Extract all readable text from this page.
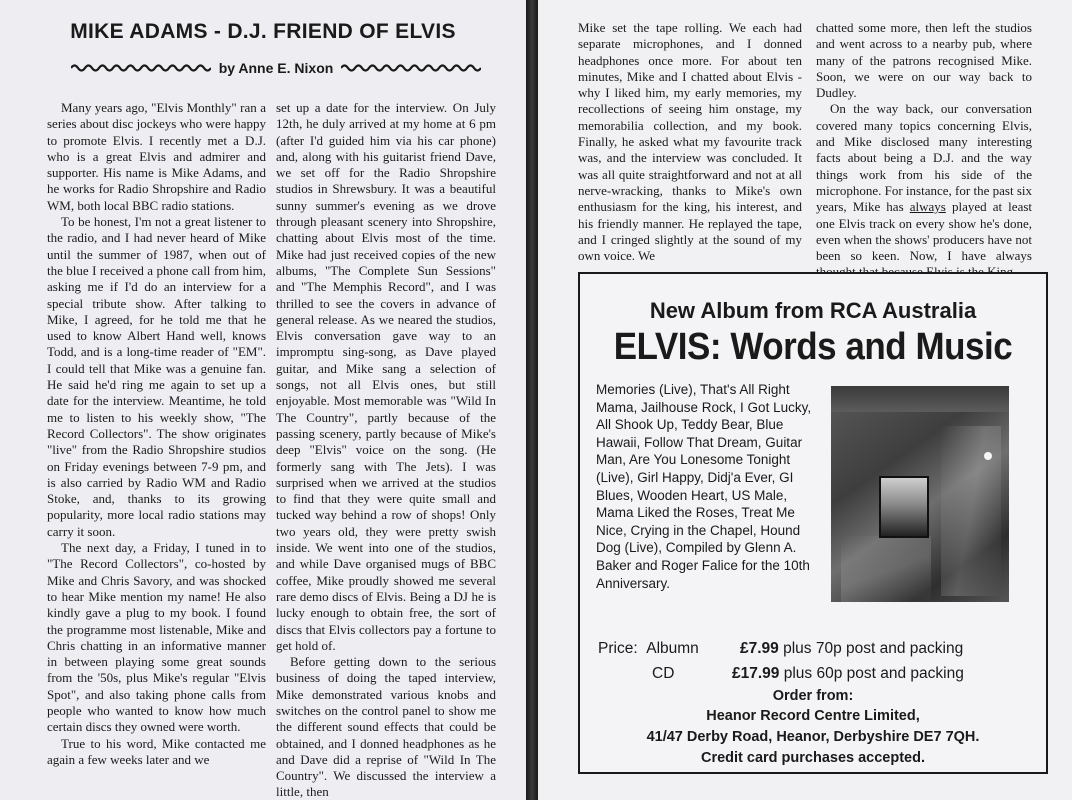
MIKE ADAMS - D.J. FRIEND OF ELVIS
by Anne E. Nixon

Many years ago, "Elvis Monthly" ran a series about disc jockeys who were happy to promote Elvis. I recently met a D.J. who is a great Elvis and admirer and supporter. His name is Mike Adams, and he works for Radio Shropshire and Radio WM, both local BBC radio stations.

To be honest, I'm not a great listener to the radio, and I had never heard of Mike until the summer of 1987, when out of the blue I received a phone call from him, asking me if I'd do an interview for a special tribute show. After talking to Mike, I agreed, for he told me that he used to know Albert Hand well, knows Todd, and is a long-time reader of "EM". I could tell that Mike was a genuine fan. He said he'd ring me again to set up a date for the interview. Meantime, he told me to listen to his weekly show, "The Record Collectors". The show originates "live" from the Radio Shropshire studios on Friday evenings between 7-9 pm, and is also carried by Radio WM and Radio Stoke, and, thanks to its growing popularity, more local radio stations may carry it soon.

The next day, a Friday, I tuned in to "The Record Collectors", co-hosted by Mike and Chris Savory, and was shocked to hear Mike mention my name! He also kindly gave a plug to my book. I found the programme most listenable, Mike and Chris chatting in an informative manner in between playing some great sounds from the '50s, plus Mike's regular "Elvis Spot", and also taking phone calls from people who wanted to know how much certain discs they owned were worth.

True to his word, Mike contacted me again a few weeks later and we

set up a date for the interview. On July 12th, he duly arrived at my home at 6 pm (after I'd guided him via his car phone) and, along with his guitarist friend Dave, we set off for the Radio Shropshire studios in Shrewsbury. It was a beautiful sunny summer's evening as we drove through pleasant scenery into Shropshire, chatting about Elvis most of the time. Mike had just received copies of the new albums, "The Complete Sun Sessions" and "The Memphis Record", and I was thrilled to see the covers in advance of general release. As we neared the studios, Elvis conversation gave way to an impromptu sing-song, as Dave played guitar, and Mike sang a selection of songs, not all Elvis ones, but still enjoyable. Most memorable was "Wild In The Country", partly because of the passing scenery, partly because of Mike's deep "Elvis" voice on the song. (He formerly sang with The Jets). I was surprised when we arrived at the studios to find that they were quite small and tucked way behind a row of shops! Only two years old, they were pretty swish inside. We went into one of the studios, and while Dave organised mugs of BBC coffee, Mike proudly showed me several rare demo discs of Elvis. Being a DJ he is lucky enough to obtain free, the sort of discs that Elvis collectors pay a fortune to get hold of.

Before getting down to the serious business of doing the taped interview, Mike demonstrated various knobs and switches on the control panel to show me the different sound effects that could be obtained, and I donned headphones as he and Dave did a reprise of "Wild In The Country". We discussed the interview a little, then

Mike set the tape rolling. We each had separate microphones, and I donned headphones once more. For about ten minutes, Mike and I chatted about Elvis - why I liked him, my early memories, my recollections of seeing him onstage, my memorabilia collection, and my book. Finally, he asked what my favourite track was, and the interview was concluded. It was all quite straightforward and not at all nerve-wracking, thanks to Mike's own enthusiasm for the king, his interest, and his friendly manner. He replayed the tape, and I cringed slightly at the sound of my own voice. We

chatted some more, then left the studios and went across to a nearby pub, where many of the patrons recognised Mike. Soon, we were on our way back to Dudley.

On the way back, our conversation covered many topics concerning Elvis, and Mike disclosed many interesting facts about being a D.J. and the way things work from his side of the microphone. For instance, for the past six years, Mike has always played at least one Elvis track on every show he's done, even when the shows' producers have not been so keen. Now, I have always

New Album from RCA Australia
ELVIS: Words and Music

Memories (Live), That's All Right Mama, Jailhouse Rock, I Got Lucky, All Shook Up, Teddy Bear, Blue Hawaii, Follow That Dream, Guitar Man, Are You Lonesome Tonight (Live), Girl Happy, Didj'a Ever, GI Blues, Wooden Heart, US Male, Mama Liked the Roses, Treat Me Nice, Crying in the Chapel, Hound Dog (Live), Compiled by Glenn A. Baker and Roger Falice for the 10th Anniversary.

Price: Albumn	£7.99 plus 70p post and packing
CD	£17.99 plus 60p post and packing

Order from:

Heanor Record Centre Limited,

41/47 Derby Road, Heanor, Derbyshire DE7 7QH.

Credit card purchases accepted.
